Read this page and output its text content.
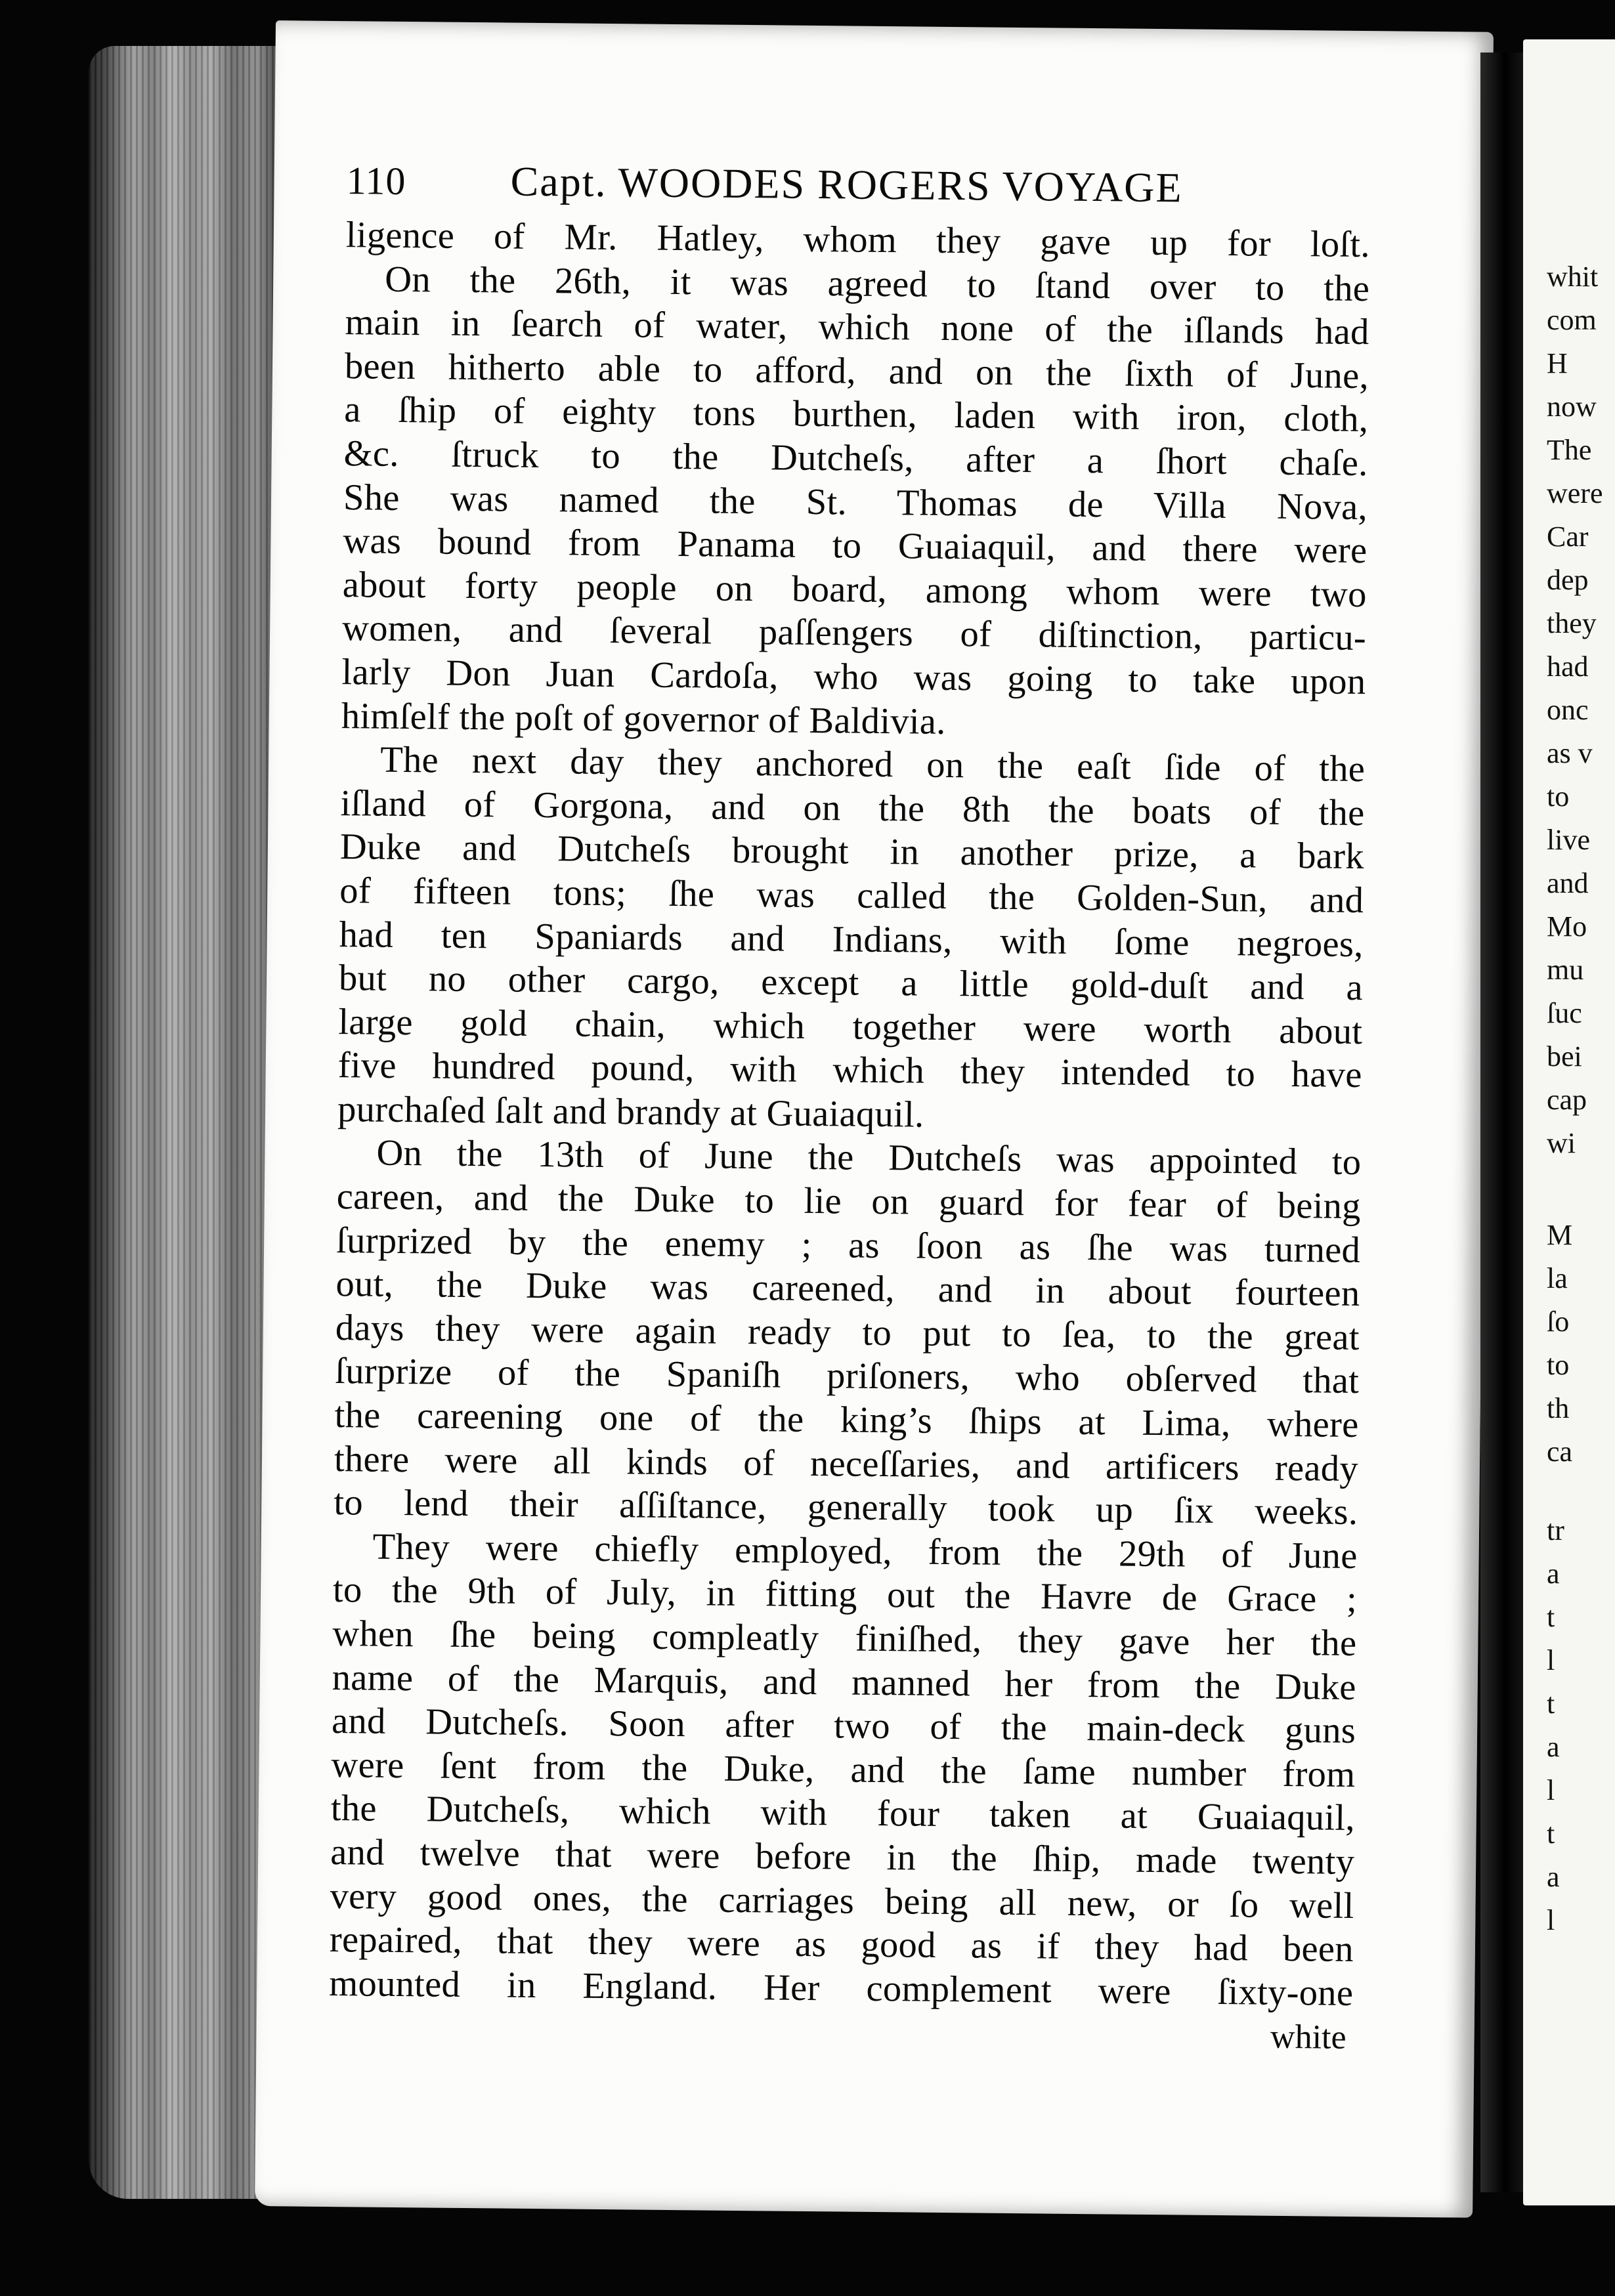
110	Capt. WOODES ROGERS VOYAGE
ligence of Mr. Hatley, whom they gave up for loſt.
On the 26th, it was agreed to ſtand over to the
main in ſearch of water, which none of the iſlands had
been hitherto able to afford, and on the ſixth of June,
a ſhip of eighty tons burthen, laden with iron, cloth,
&c. ſtruck to the Dutcheſs, after a ſhort chaſe.
She was named the St. Thomas de Villa Nova,
was bound from Panama to Guaiaquil, and there were
about forty people on board, among whom were two
women, and ſeveral paſſengers of diſtinction, particu-
larly Don Juan Cardoſa, who was going to take upon
himſelf the poſt of governor of Baldivia.
The next day they anchored on the eaſt ſide of the
iſland of Gorgona, and on the 8th the boats of the
Duke and Dutcheſs brought in another prize, a bark
of fifteen tons; ſhe was called the Golden-Sun, and
had ten Spaniards and Indians, with ſome negroes,
but no other cargo, except a little gold-duſt and a
large gold chain, which together were worth about
five hundred pound, with which they intended to have
purchaſed ſalt and brandy at Guaiaquil.
On the 13th of June the Dutcheſs was appointed to
careen, and the Duke to lie on guard for fear of being
ſurprized by the enemy ; as ſoon as ſhe was turned
out, the Duke was careened, and in about fourteen
days they were again ready to put to ſea, to the great
ſurprize of the Spaniſh priſoners, who obſerved that
the careening one of the king’s ſhips at Lima, where
there were all kinds of neceſſaries, and artificers ready
to lend their aſſiſtance, generally took up ſix weeks.
They were chiefly employed, from the 29th of June
to the 9th of July, in fitting out the Havre de Grace ;
when ſhe being compleatly finiſhed, they gave her the
name of the Marquis, and manned her from the Duke
and Dutcheſs. Soon after two of the main-deck guns
were ſent from the Duke, and the ſame number from
the Dutcheſs, which with four taken at Guaiaquil,
and twelve that were before in the ſhip, made twenty
very good ones, the carriages being all new, or ſo well
repaired, that they were as good as if they had been
mounted in England. Her complement were ſixty-one
white
whit
com
H
now
The
were
Car
dep
they
had
onc
as v
to
live
and
Mo
mu
ſuc
bei
cap
wi
M
la
ſo
to
th
ca
tr
a
t
l
t
a
l
t
a
l
